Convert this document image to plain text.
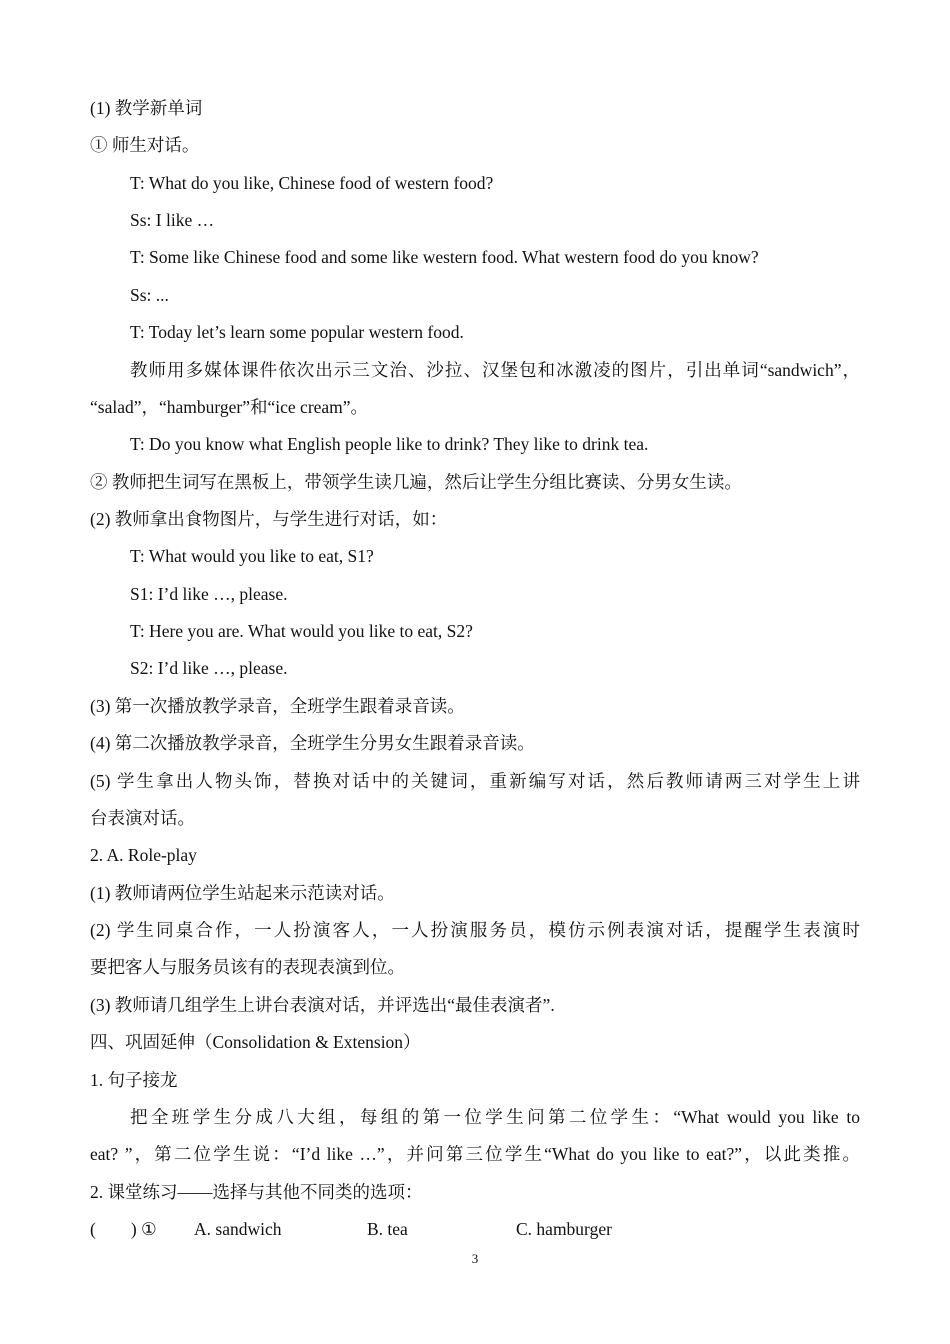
(1) 教学新单词
① 师生对话。
T: What do you like, Chinese food of western food?
Ss: I like …
T: Some like Chinese food and some like western food. What western food do you know?
Ss: ...
T: Today let’s learn some popular western food.
教师用多媒体课件依次出示三文治、沙拉、汉堡包和冰激凌的图片，引出单词“sandwich”，
“salad”，“hamburger”和“ice cream”。
T: Do you know what English people like to drink? They like to drink tea.
② 教师把生词写在黑板上，带领学生读几遍，然后让学生分组比赛读、分男女生读。
(2) 教师拿出食物图片，与学生进行对话，如：
T: What would you like to eat, S1?
S1: I’d like …, please.
T: Here you are. What would you like to eat, S2?
S2: I’d like …, please.
(3) 第一次播放教学录音，全班学生跟着录音读。
(4) 第二次播放教学录音，全班学生分男女生跟着录音读。
(5) 学生拿出人物头饰，替换对话中的关键词，重新编写对话，然后教师请两三对学生上讲
台表演对话。
2. A. Role-play
(1) 教师请两位学生站起来示范读对话。
(2) 学生同桌合作，一人扮演客人，一人扮演服务员，模仿示例表演对话，提醒学生表演时
要把客人与服务员该有的表现表演到位。
(3) 教师请几组学生上讲台表演对话，并评选出“最佳表演者”.
四、巩固延伸（Consolidation & Extension）
1. 句子接龙
把全班学生分成八大组，每组的第一位学生问第二位学生：“What would you like to
eat? ”，第二位学生说：“I’d like …”，并问第三位学生“What do you like to eat?”，以此类推。
2. 课堂练习——选择与其他不同类的选项：
(        ) ① A. sandwich	B. tea	C. hamburger
3
